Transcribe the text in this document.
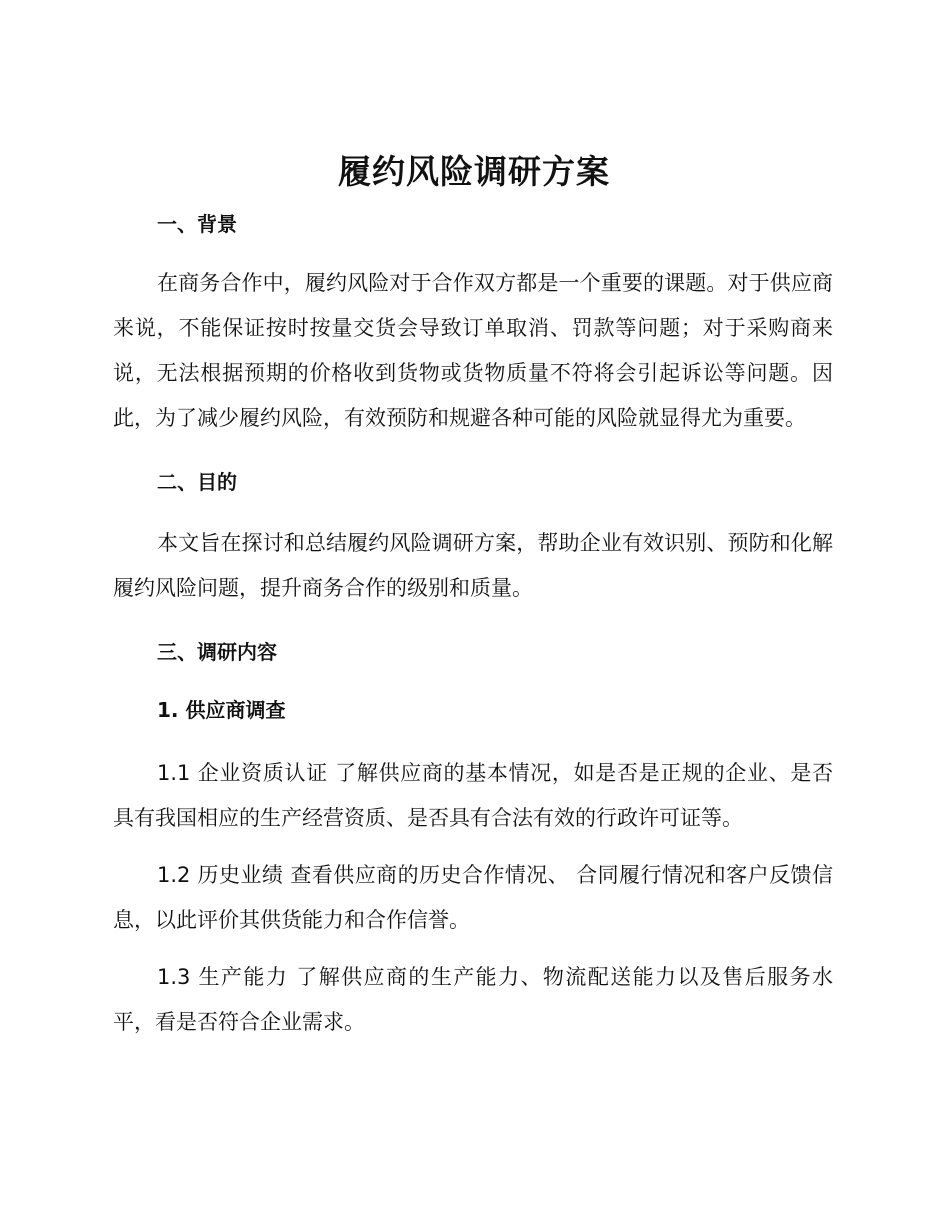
履约风险调研方案
一、背景

在商务合作中，履约风险对于合作双方都是一个重要的课题。对于供应商来说，不能保证按时按量交货会导致订单取消、罚款等问题；对于采购商来说，无法根据预期的价格收到货物或货物质量不符将会引起诉讼等问题。因此，为了减少履约风险，有效预防和规避各种可能的风险就显得尤为重要。

二、目的

本文旨在探讨和总结履约风险调研方案，帮助企业有效识别、预防和化解履约风险问题，提升商务合作的级别和质量。

三、调研内容
1. 供应商调查

1.1 企业资质认证 了解供应商的基本情况，如是否是正规的企业、是否具有我国相应的生产经营资质、是否具有合法有效的行政许可证等。

1.2 历史业绩 查看供应商的历史合作情况、 合同履行情况和客户反馈信息，以此评价其供货能力和合作信誉。

1.3 生产能力 了解供应商的生产能力、物流配送能力以及售后服务水平，看是否符合企业需求。
